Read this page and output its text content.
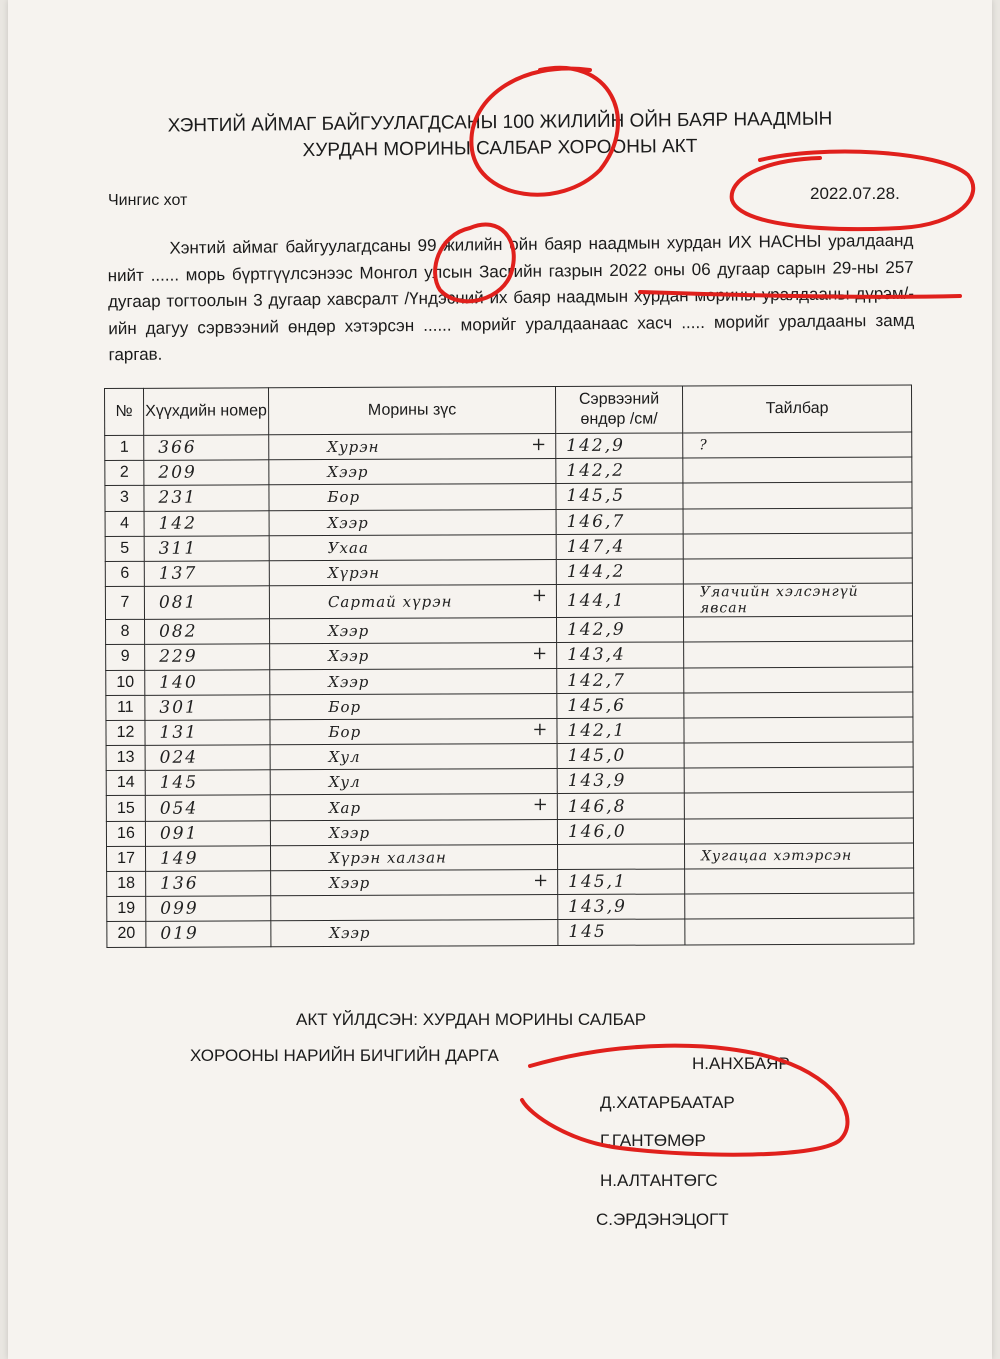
ХЭНТИЙ АЙМАГ БАЙГУУЛАГДСАНЫ 100 ЖИЛИЙН ОЙН БАЯР НААДМЫН
ХУРДАН МОРИНЫ САЛБАР ХОРООНЫ АКТ
Чингис хот	2022.07.28.
Хэнтий аймаг байгуулагдсаны 99 жилийн ойн баяр наадмын хурдан ИХ НАСНЫ уралдаанд нийт ...... морь бүртгүүлсэнээс Монгол улсын Засгийн газрын 2022 оны 06 дугаар сарын 29-ны 257 дугаар тогтоолын 3 дугаар хавсралт /Үндэсний их баяр наадмын хурдан морины уралдааны дүрэм/-ийн дагуу сэрвээний өндөр хэтэрсэн ...... морийг уралдаанаас хасч ..... морийг уралдааны замд гаргав.
№	Хүүхдийн номер	Морины зүс	Сэрвээний өндөр /см/	Тайлбар
1	366	Хурэн +	142,9	?
2	209	Хээр	142,2	
3	231	Бор	145,5	
4	142	Хээр	146,7	
5	311	Ухаа	147,4	
6	137	Хүрэн	144,2	
7	081	Сартай хүрэн +	144,1	Уяачийн хэлсэнгүй явсан
8	082	Хээр	142,9	
9	229	Хээр +	143,4	
10	140	Хээр	142,7	
11	301	Бор	145,6	
12	131	Бор +	142,1	
13	024	Хул	145,0	
14	145	Хул	143,9	
15	054	Хар +	146,8	
16	091	Хээр	146,0	
17	149	Хүрэн халзан		Хугацаа хэтэрсэн
18	136	Хээр +	145,1	
19	099		143,9	
20	019	Хээр	145	
АКТ ҮЙЛДСЭН: ХУРДАН МОРИНЫ САЛБАР
ХОРООНЫ НАРИЙН БИЧГИЙН ДАРГА	Н.АНХБАЯР
Д.ХАТАРБААТАР
Г.ГАНТӨМӨР
Н.АЛТАНТӨГС
С.ЭРДЭНЭЦОГТ
